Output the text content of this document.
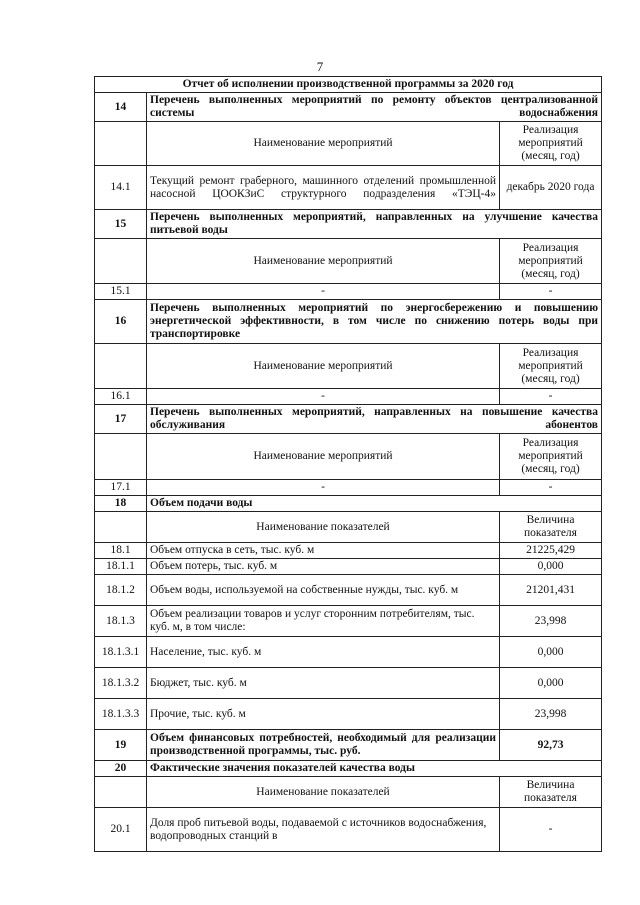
7
Отчет об исполнении производственной программы за 2020 год		
14	Перечень выполненных мероприятий по ремонту объектов централизованной системы водоснабжения	
	Наименование мероприятий	Реализация мероприятий (месяц, год)
14.1	Текущий ремонт граберного, машинного отделений промышленной насосной ЦООКЗиС структурного подразделения «ТЭЦ-4»	декабрь 2020 года
15	Перечень выполненных мероприятий, направленных на улучшение качества питьевой воды	
	Наименование мероприятий	Реализация мероприятий (месяц, год)
15.1	-	-
16	Перечень выполненных мероприятий по энергосбережению и повышению энергетической эффективности, в том числе по снижению потерь воды при транспортировке	
	Наименование мероприятий	Реализация мероприятий (месяц, год)
16.1	-	-
17	Перечень выполненных мероприятий, направленных на повышение качества обслуживания абонентов	
	Наименование мероприятий	Реализация мероприятий (месяц, год)
17.1	-	-
18	Объем подачи воды	
	Наименование показателей	Величина показателя
18.1	Объем отпуска в сеть, тыс. куб. м	21225,429
18.1.1	Объем потерь, тыс. куб. м	0,000
18.1.2	Объем воды, используемой на собственные нужды, тыс. куб. м	21201,431
18.1.3	Объем реализации товаров и услуг сторонним потребителям, тыс. куб. м, в том числе:	23,998
18.1.3.1	Население, тыс. куб. м	0,000
18.1.3.2	Бюджет, тыс. куб. м	0,000
18.1.3.3	Прочие, тыс. куб. м	23,998
19	Объем финансовых потребностей, необходимый для реализации производственной программы, тыс. руб.	92,73
20	Фактические значения показателей качества воды	
	Наименование показателей	Величина показателя
20.1	Доля проб питьевой воды, подаваемой с источников водоснабжения, водопроводных станций в	-
